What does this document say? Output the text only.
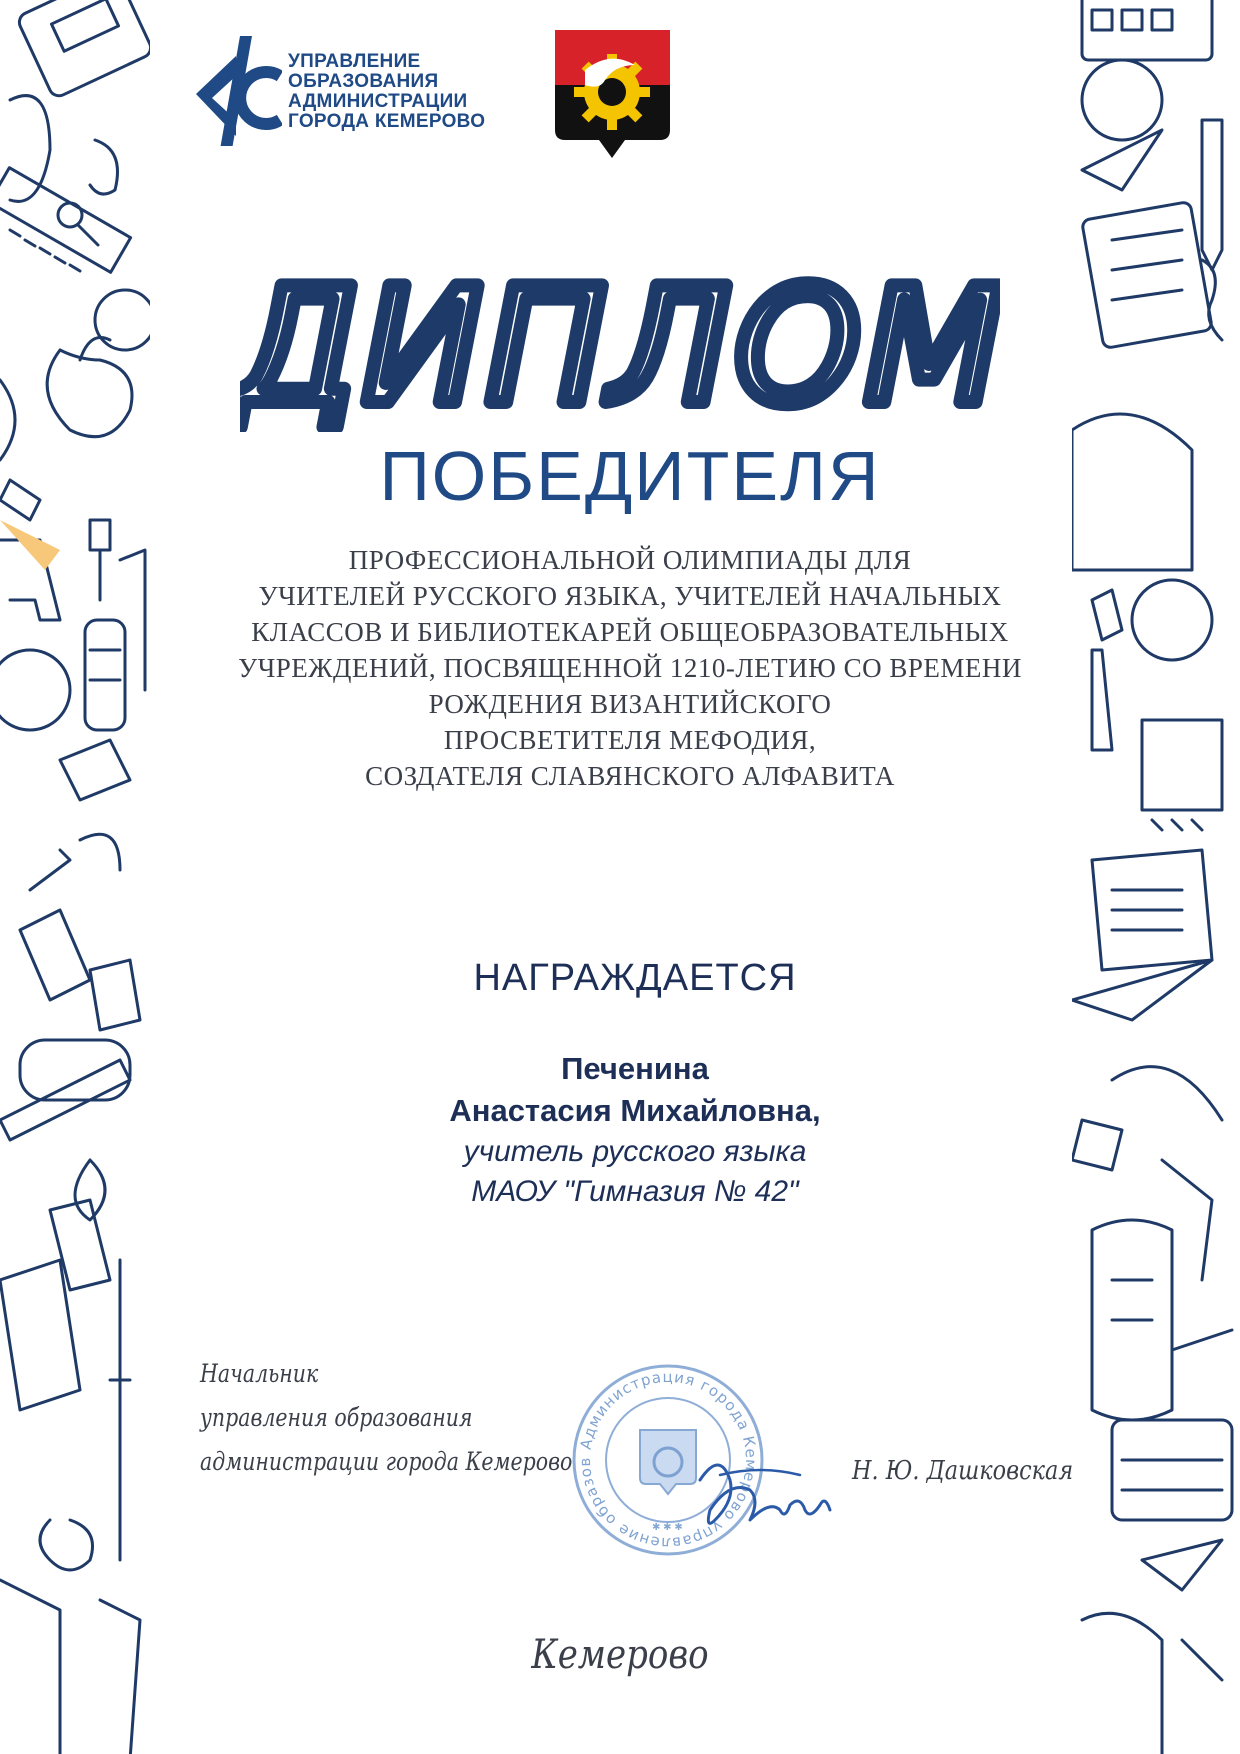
УПРАВЛЕНИЕ
ОБРАЗОВАНИЯ
АДМИНИСТРАЦИИ
ГОРОДА КЕМЕРОВО
ДИПЛОМ
ПОБЕДИТЕЛЯ
ПРОФЕССИОНАЛЬНОЙ ОЛИМПИАДЫ ДЛЯ
УЧИТЕЛЕЙ РУССКОГО ЯЗЫКА, УЧИТЕЛЕЙ НАЧАЛЬНЫХ
КЛАССОВ И БИБЛИОТЕКАРЕЙ ОБЩЕОБРАЗОВАТЕЛЬНЫХ
УЧРЕЖДЕНИЙ, ПОСВЯЩЕННОЙ 1210-ЛЕТИЮ СО ВРЕМЕНИ
РОЖДЕНИЯ ВИЗАНТИЙСКОГО
ПРОСВЕТИТЕЛЯ МЕФОДИЯ,
СОЗДАТЕЛЯ СЛАВЯНСКОГО АЛФАВИТА
НАГРАЖДАЕТСЯ
Печенина
Анастасия Михайловна,
учитель русского языка
МАОУ "Гимназия № 42"
Начальник
управления образования
администрации города Кемерово
Администрация города Кемерово управление образов
✱ ✱ ✱
Н. Ю. Дашковская
Кемерово
